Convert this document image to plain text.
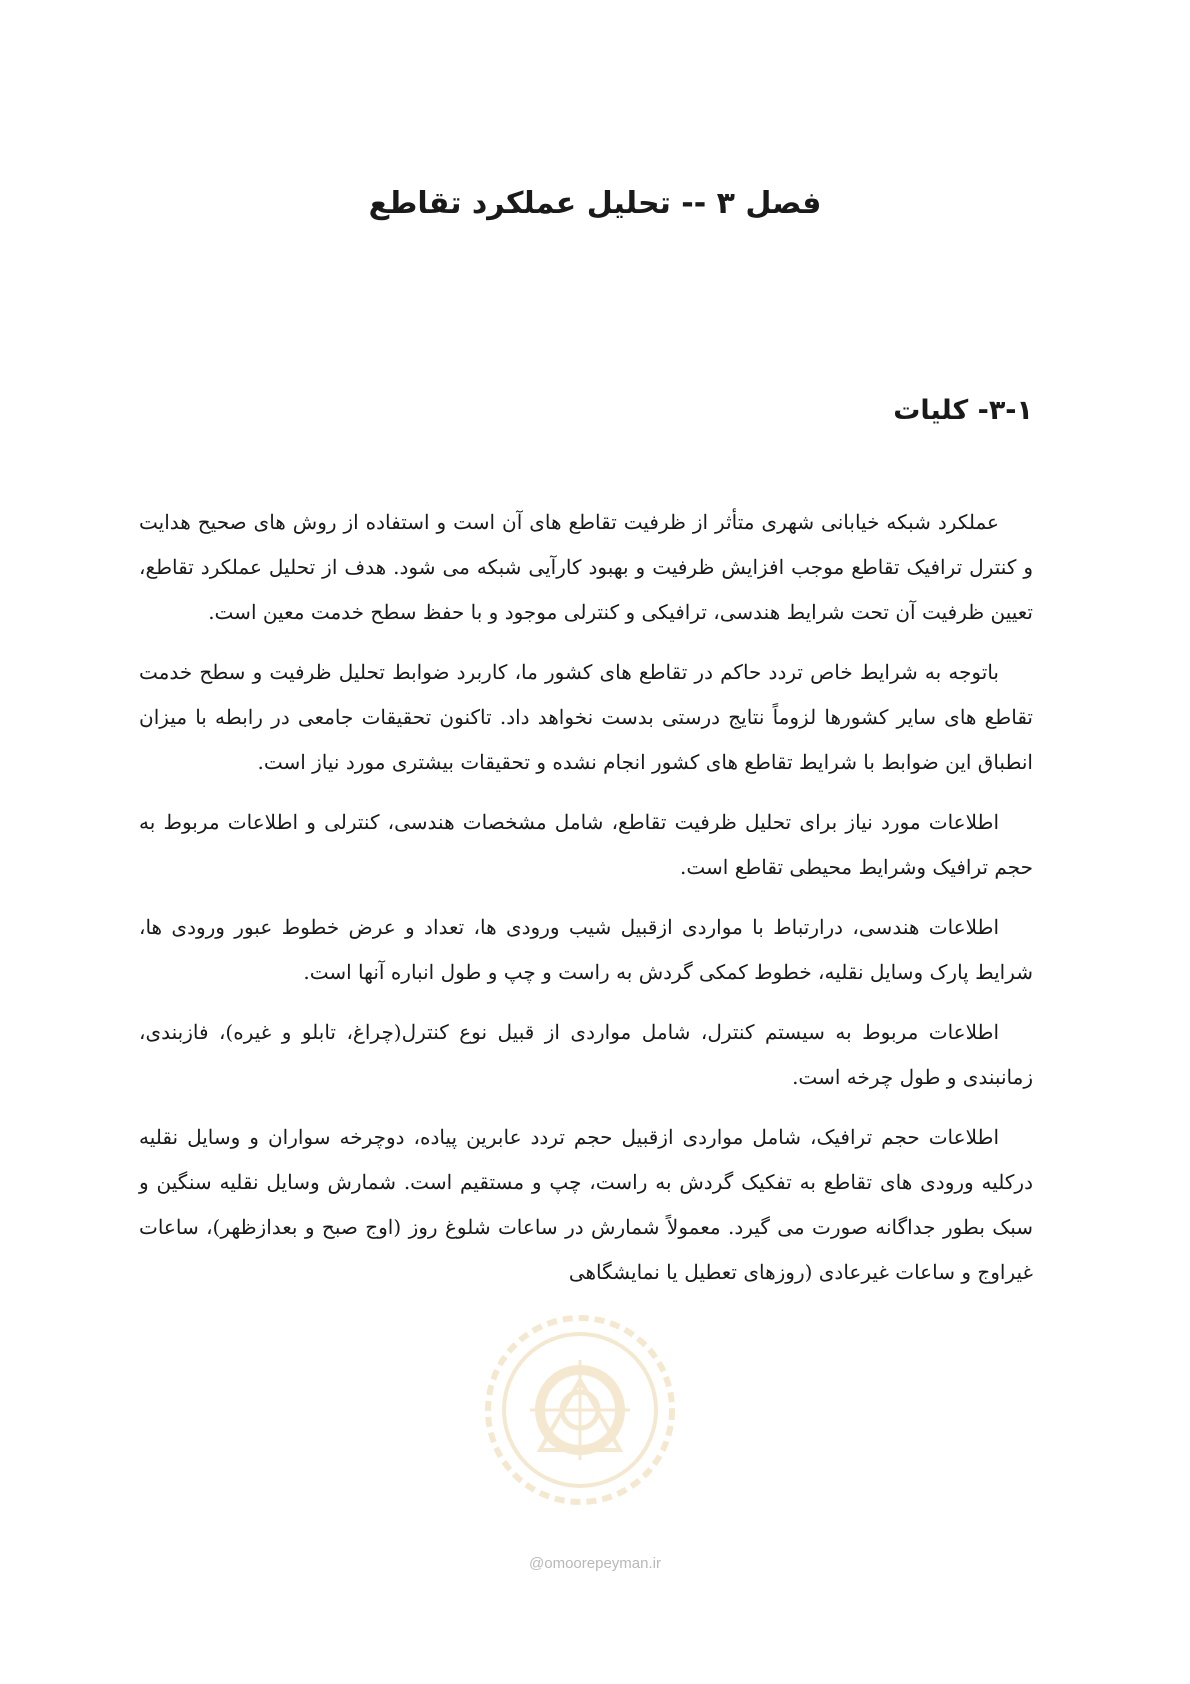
فصل ۳ -- تحلیل عملکرد تقاطع
۳-۱- کلیات

عملکرد شبکه خیابانی شهری متأثر از ظرفیت تقاطع های آن است و استفاده از روش های صحیح هدایت و کنترل ترافیک تقاطع موجب افزایش ظرفیت و بهبود کارآیی شبکه می شود. هدف از تحلیل عملکرد تقاطع، تعیین ظرفیت آن تحت شرایط هندسی، ترافیکی و کنترلی موجود و با حفظ سطح خدمت معین است.

باتوجه به شرایط خاص تردد حاکم در تقاطع های کشور ما، کاربرد ضوابط تحلیل ظرفیت و سطح خدمت تقاطع های سایر کشورها لزوماً نتایج درستی بدست نخواهد داد. تاکنون تحقیقات جامعی در رابطه با میزان انطباق این ضوابط با شرایط تقاطع های کشور انجام نشده و تحقیقات بیشتری مورد نیاز است.

اطلاعات مورد نیاز برای تحلیل ظرفیت تقاطع، شامل مشخصات هندسی، کنترلی و اطلاعات مربوط به حجم ترافیک وشرایط محیطی تقاطع است.

اطلاعات هندسی، درارتباط با مواردی ازقبیل شیب ورودی ها، تعداد و عرض خطوط عبور ورودی ها، شرایط پارک وسایل نقلیه، خطوط کمکی گردش به راست و چپ و طول انباره آنها است.

اطلاعات مربوط به سیستم کنترل، شامل مواردی از قبیل نوع کنترل(چراغ، تابلو و غیره)، فازبندی، زمانبندی و طول چرخه است.

اطلاعات حجم ترافیک، شامل مواردی ازقبیل حجم تردد عابرین پیاده، دوچرخه سواران و وسایل نقلیه درکلیه ورودی های تقاطع به تفکیک گردش به راست، چپ و مستقیم است. شمارش وسایل نقلیه سنگین و سبک بطور جداگانه صورت می گیرد. معمولاً شمارش در ساعات شلوغ روز (اوج صبح و بعدازظهر)، ساعات غیراوج و ساعات غیرعادی (روزهای تعطیل یا نمایشگاهی

@omoorepeyman.ir
